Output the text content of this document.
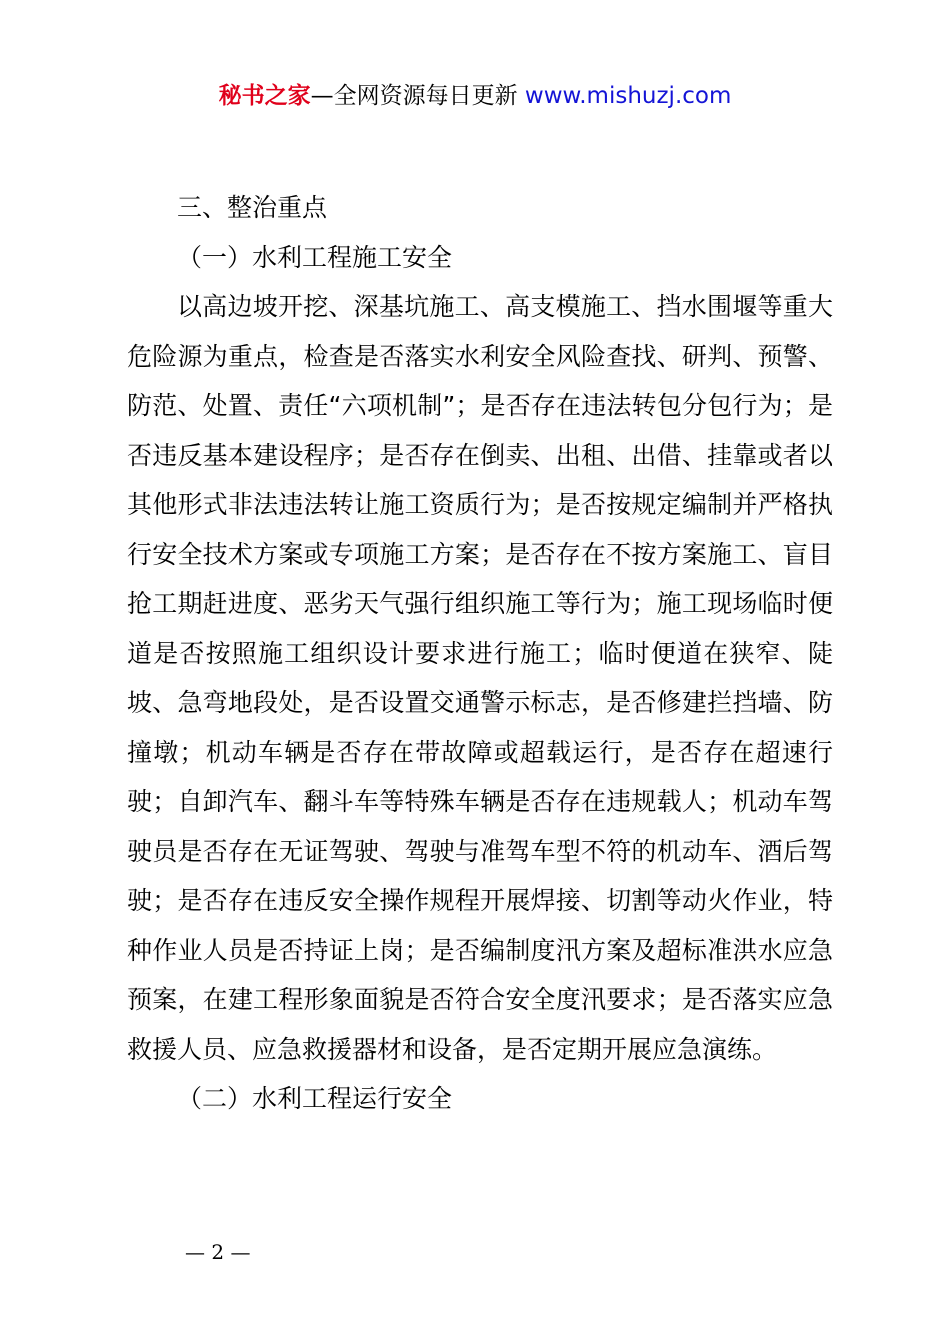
秘书之家—全网资源每日更新 www.mishuzj.com

三、整治重点

（一）水利工程施工安全

以高边坡开挖、深基坑施工、高支模施工、挡水围堰等重大危险源为重点，检查是否落实水利安全风险查找、研判、预警、防范、处置、责任“六项机制”；是否存在违法转包分包行为；是否违反基本建设程序；是否存在倒卖、出租、出借、挂靠或者以其他形式非法违法转让施工资质行为；是否按规定编制并严格执行安全技术方案或专项施工方案；是否存在不按方案施工、盲目抢工期赶进度、恶劣天气强行组织施工等行为；施工现场临时便道是否按照施工组织设计要求进行施工；临时便道在狭窄、陡坡、急弯地段处，是否设置交通警示标志，是否修建拦挡墙、防撞墩；机动车辆是否存在带故障或超载运行，是否存在超速行驶；自卸汽车、翻斗车等特殊车辆是否存在违规载人；机动车驾驶员是否存在无证驾驶、驾驶与准驾车型不符的机动车、酒后驾驶；是否存在违反安全操作规程开展焊接、切割等动火作业，特种作业人员是否持证上岗；是否编制度汛方案及超标准洪水应急预案，在建工程形象面貌是否符合安全度汛要求；是否落实应急救援人员、应急救援器材和设备，是否定期开展应急演练。

（二）水利工程运行安全

— 2 —
